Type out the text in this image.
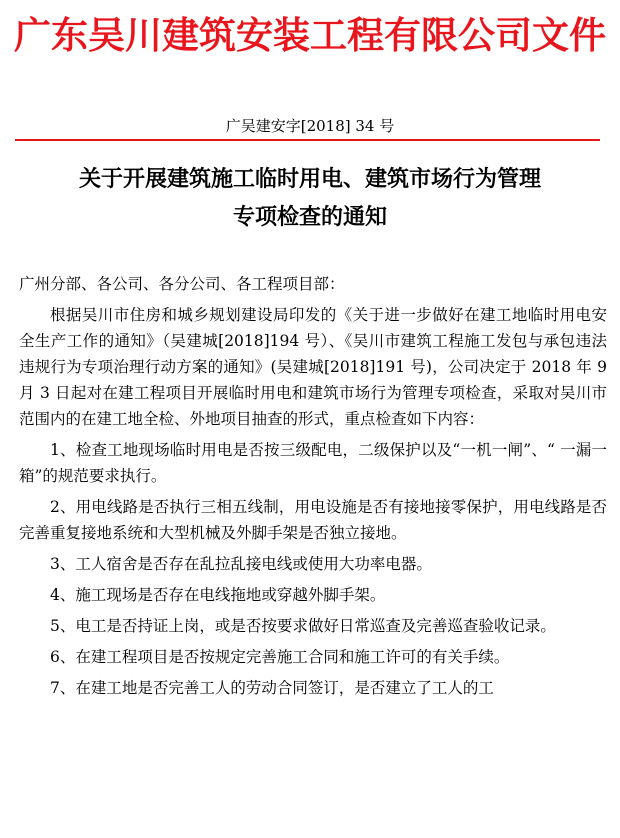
广东吴川建筑安装工程有限公司文件
广吴建安字[2018] 34 号
关于开展建筑施工临时用电、建筑市场行为管理
专项检查的通知
广州分部、各公司、各分公司、各工程项目部：

根据吴川市住房和城乡规划建设局印发的《关于进一步做好在建工地临时用电安全生产工作的通知》（吴建城[2018]194 号）、《吴川市建筑工程施工发包与承包违法违规行为专项治理行动方案的通知》(吴建城[2018]191 号)，公司决定于 2018 年 9 月 3 日起对在建工程项目开展临时用电和建筑市场行为管理专项检查，采取对吴川市范围内的在建工地全检、外地项目抽查的形式，重点检查如下内容：

1、检查工地现场临时用电是否按三级配电，二级保护以及“一机一闸”、“ 一漏一箱”的规范要求执行。

2、用电线路是否执行三相五线制，用电设施是否有接地接零保护，用电线路是否完善重复接地系统和大型机械及外脚手架是否独立接地。

3、工人宿舍是否存在乱拉乱接电线或使用大功率电器。

4、施工现场是否存在电线拖地或穿越外脚手架。

5、电工是否持证上岗，或是否按要求做好日常巡查及完善巡查验收记录。

6、在建工程项目是否按规定完善施工合同和施工许可的有关手续。

7、在建工地是否完善工人的劳动合同签订，是否建立了工人的工
